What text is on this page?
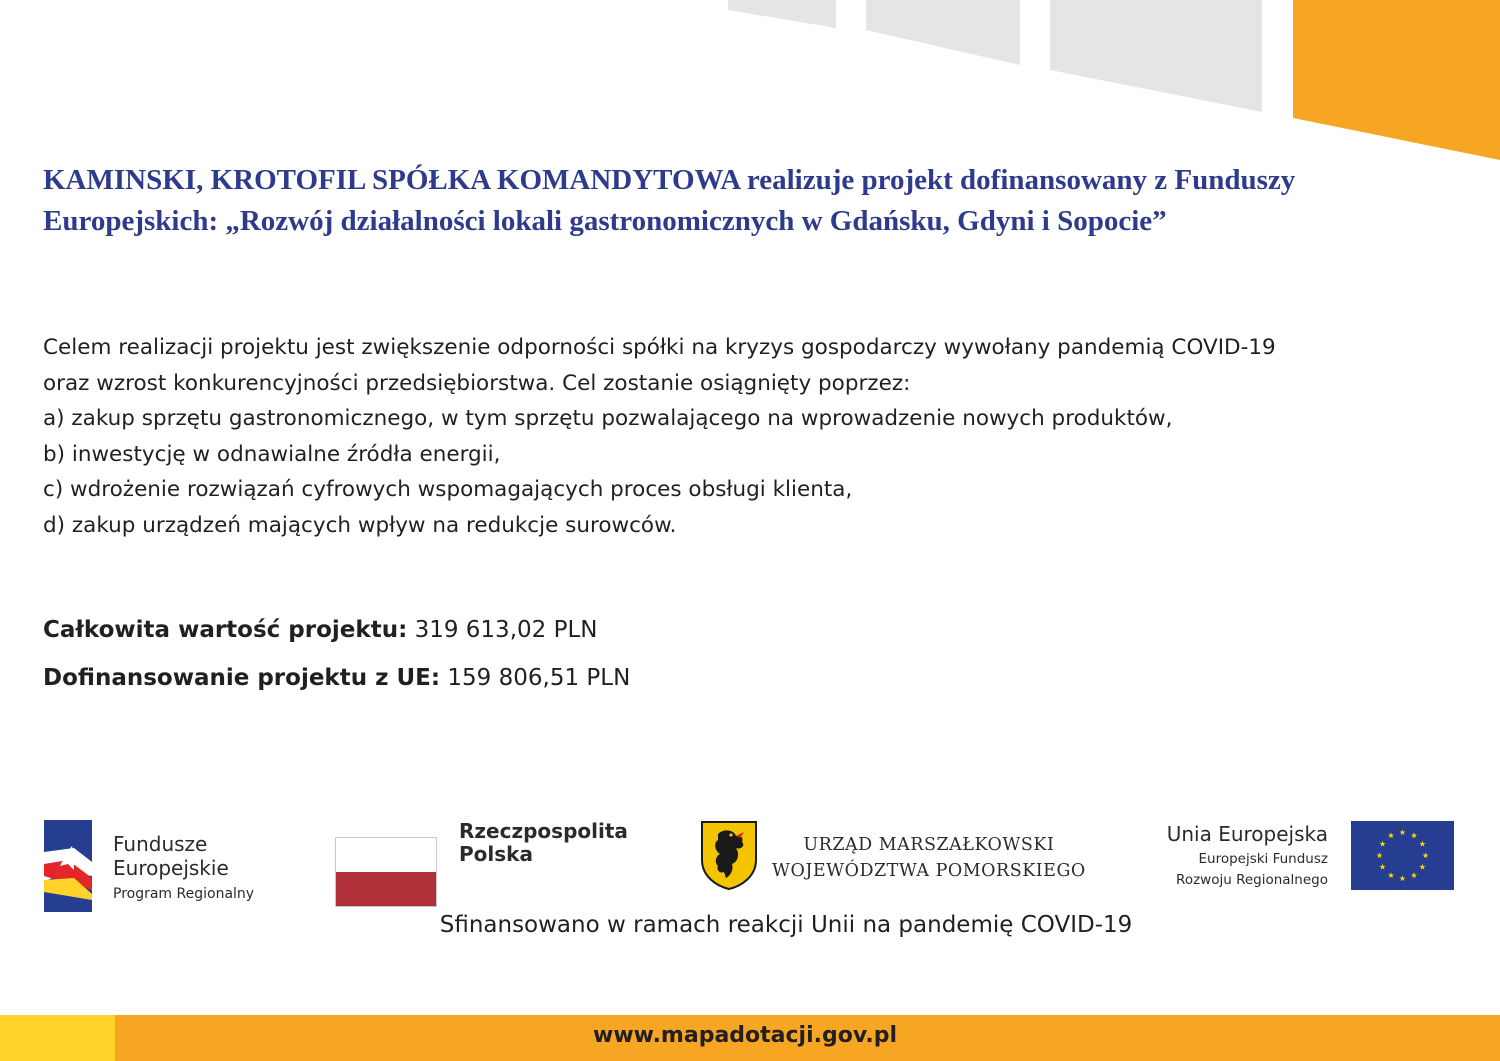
KAMINSKI, KROTOFIL SPÓŁKA KOMANDYTOWA realizuje projekt dofinansowany z Funduszy Europejskich: „Rozwój działalności lokali gastronomicznych w Gdańsku, Gdyni i Sopocie”

Celem realizacji projektu jest zwiększenie odporności spółki na kryzys gospodarczy wywołany pandemią COVID-19 oraz wzrost konkurencyjności przedsiębiorstwa. Cel zostanie osiągnięty poprzez:

a) zakup sprzętu gastronomicznego, w tym sprzętu pozwalającego na wprowadzenie nowych produktów,

b) inwestycję w odnawialne źródła energii,

c) wdrożenie rozwiązań cyfrowych wspomagających proces obsługi klienta,

d) zakup urządzeń mających wpływ na redukcje surowców.

Całkowita wartość projektu: 319 613,02 PLN
Dofinansowanie projektu z UE: 159 806,51 PLN
Fundusze
Europejskie
Program Regionalny
Rzeczpospolita
Polska	URZĄD MARSZAŁKOWSKI
WOJEWÓDZTWA POMORSKIEGO
Unia Europejska
Europejski Fundusz
Rozwoju Regionalnego
Sfinansowano w ramach reakcji Unii na pandemię COVID-19
www.mapadotacji.gov.pl
